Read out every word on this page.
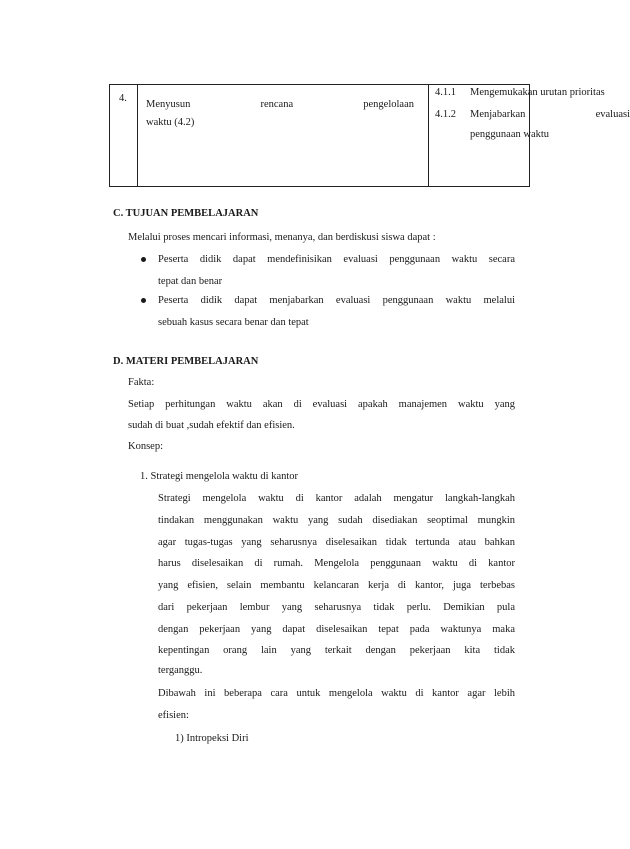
4.
Menyusun rencana pengelolaan
waktu (4.2)
4.1.1 Mengemukakan urutan prioritas
4.1.2 Menjabarkan evaluasi
penggunaan waktu
C. TUJUAN PEMBELAJARAN
Melalui proses mencari informasi, menanya, dan berdiskusi siswa dapat :
Peserta didik dapat mendefinisikan evaluasi penggunaan waktu secara
tepat dan benar
Peserta didik dapat menjabarkan evaluasi penggunaan waktu melalui
sebuah kasus secara benar dan tepat
D. MATERI PEMBELAJARAN
Fakta:
Setiap perhitungan waktu akan di evaluasi apakah manajemen waktu yang
sudah di buat ,sudah efektif dan efisien.
Konsep:
1. Strategi mengelola waktu di kantor
Strategi mengelola waktu di kantor adalah mengatur langkah-langkah
tindakan menggunakan waktu yang sudah disediakan seoptimal mungkin
agar tugas-tugas yang seharusnya diselesaikan tidak tertunda atau bahkan
harus diselesaikan di rumah. Mengelola penggunaan waktu di kantor
yang efisien, selain membantu kelancaran kerja di kantor, juga terbebas
dari pekerjaan lembur yang seharusnya tidak perlu. Demikian pula
dengan pekerjaan yang dapat diselesaikan tepat pada waktunya maka
kepentingan orang lain yang terkait dengan pekerjaan kita tidak
terganggu.
Dibawah ini beberapa cara untuk mengelola waktu di kantor agar lebih
efisien:
1) Intropeksi Diri
